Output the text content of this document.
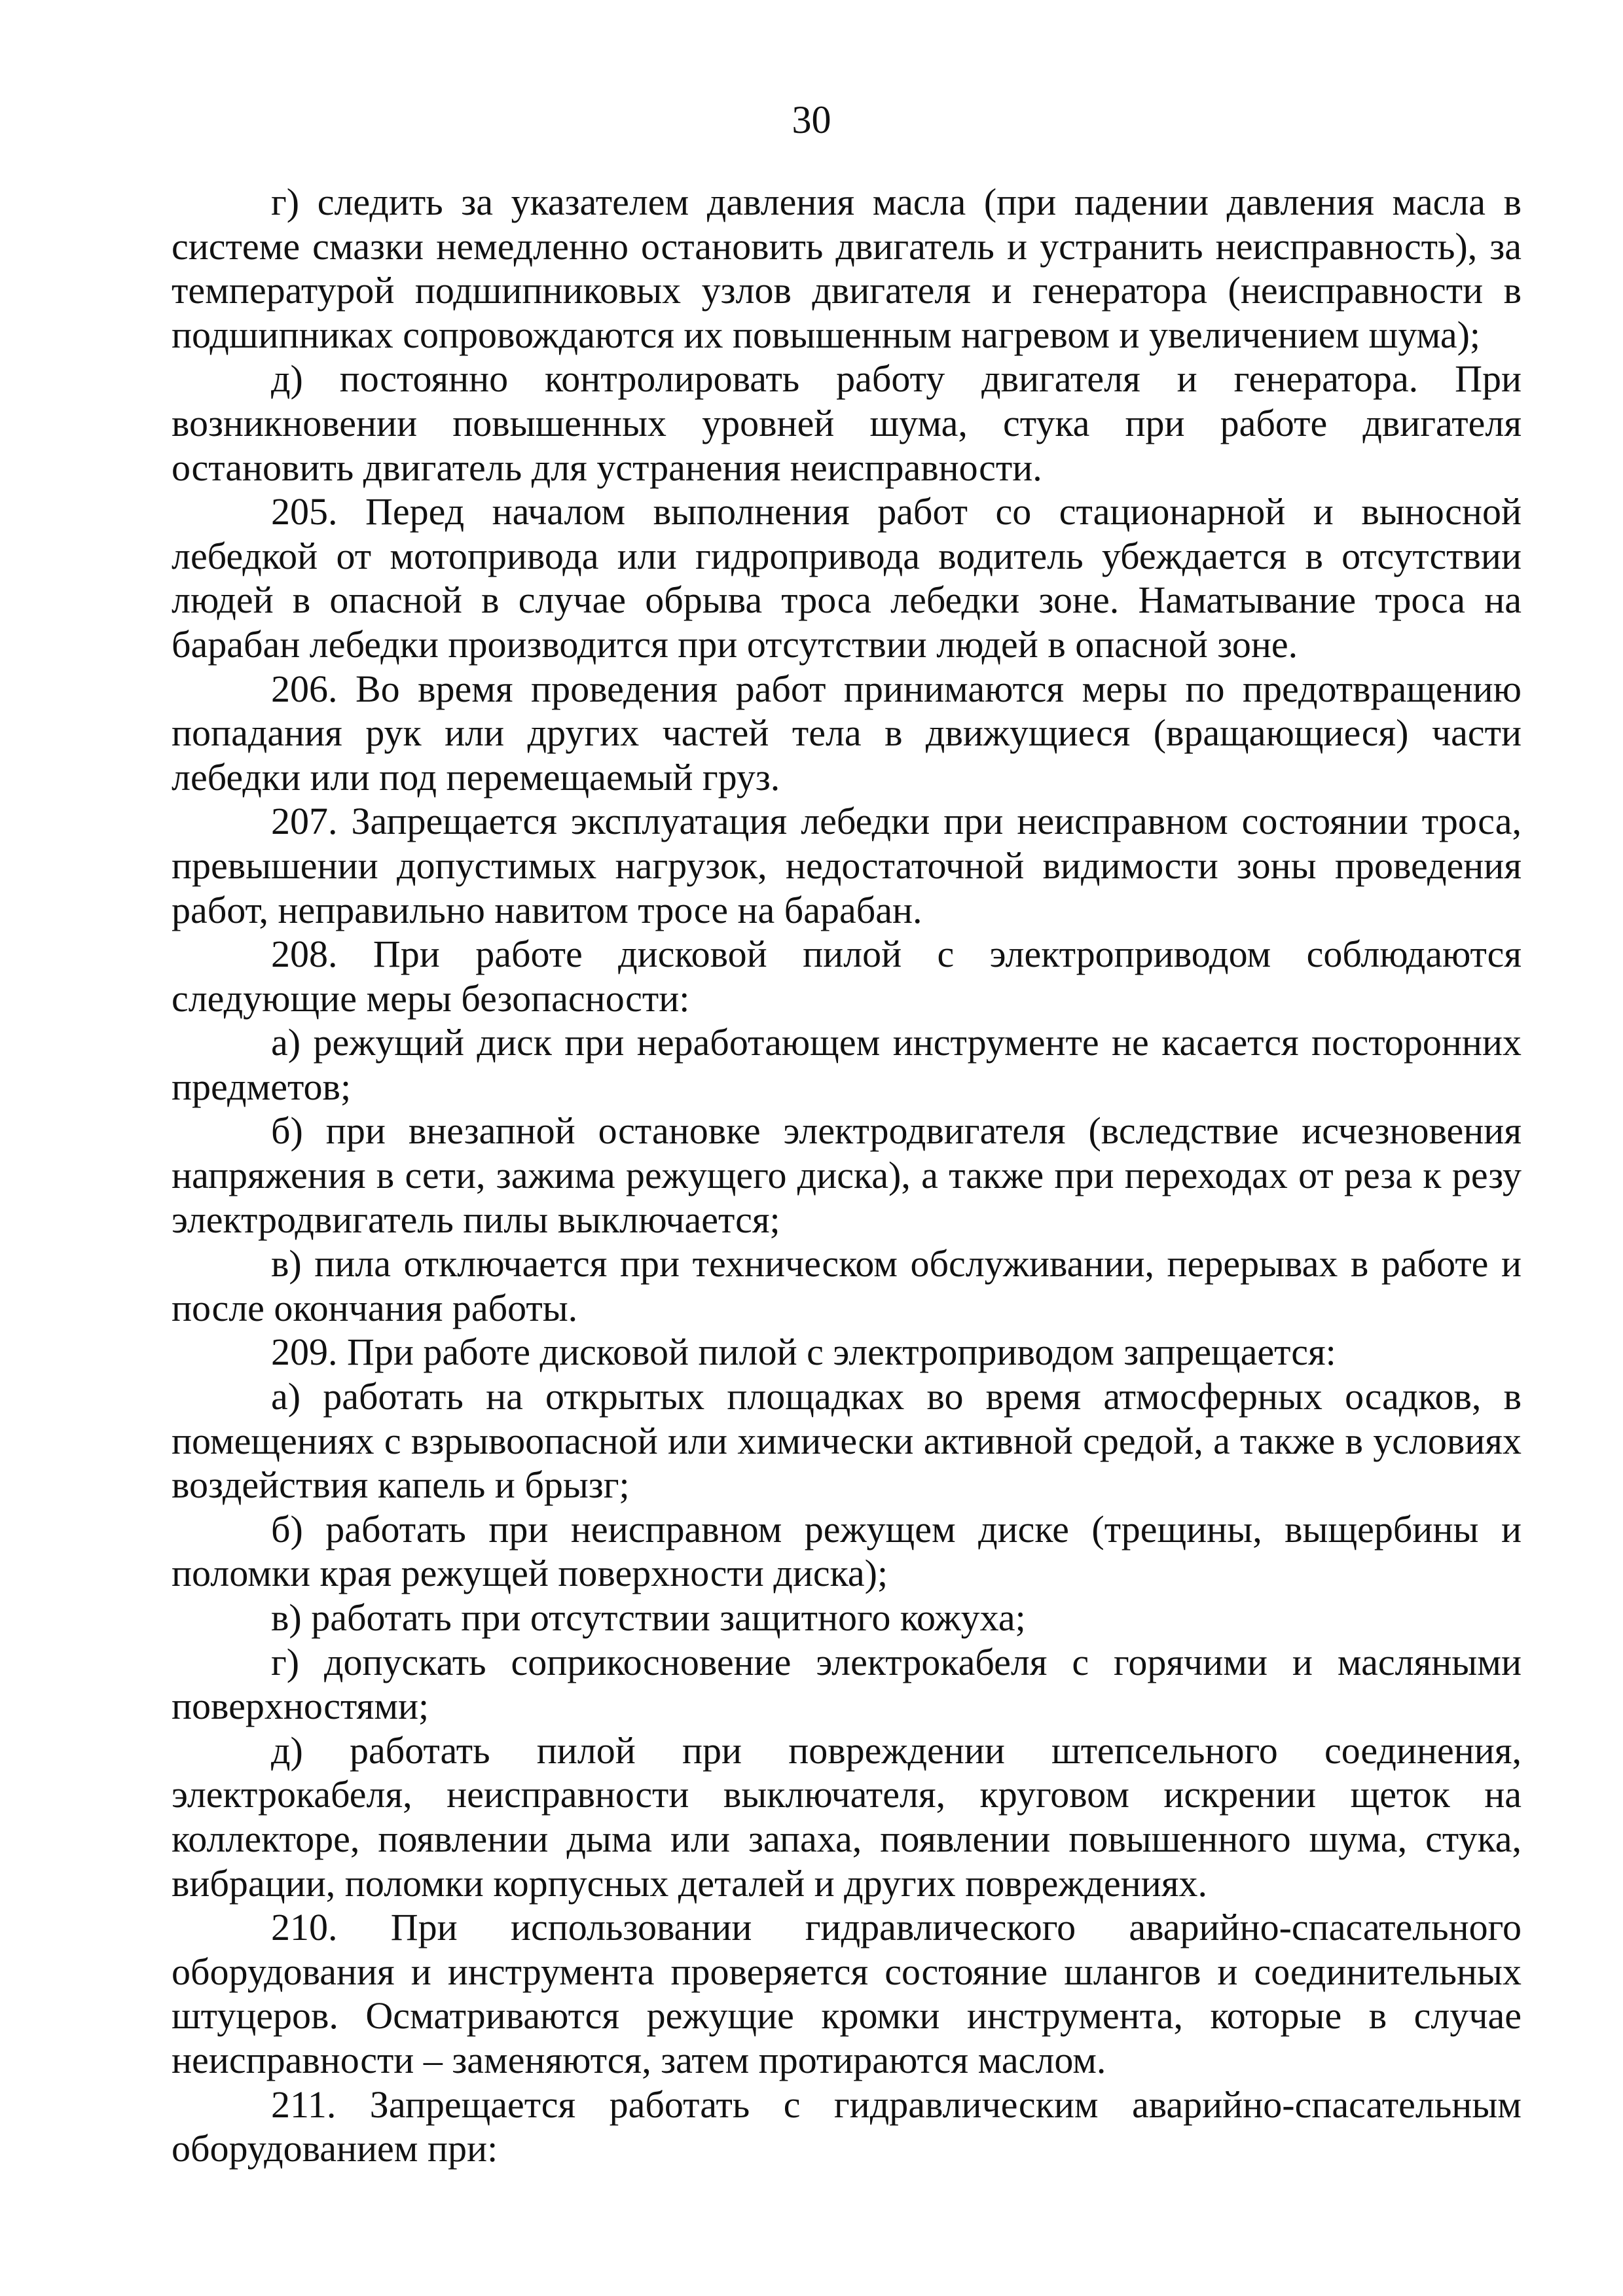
30

г) следить за указателем давления масла (при падении давления масла в системе смазки немедленно остановить двигатель и устранить неисправность), за температурой подшипниковых узлов двигателя и генератора (неисправности в подшипниках сопровождаются их повышенным нагревом и увеличением шума);

д) постоянно контролировать работу двигателя и генератора. При возникновении повышенных уровней шума, стука при работе двигателя остановить двигатель для устранения неисправности.

205. Перед началом выполнения работ со стационарной и выносной лебедкой от мотопривода или гидропривода водитель убеждается в отсутствии людей в опасной в случае обрыва троса лебедки зоне. Наматывание троса на барабан лебедки производится при отсутствии людей в опасной зоне.

206. Во время проведения работ принимаются меры по предотвращению попадания рук или других частей тела в движущиеся (вращающиеся) части лебедки или под перемещаемый груз.

207. Запрещается эксплуатация лебедки при неисправном состоянии троса, превышении допустимых нагрузок, недостаточной видимости зоны проведения работ, неправильно навитом тросе на барабан.

208. При работе дисковой пилой с электроприводом соблюдаются следующие меры безопасности:

а) режущий диск при неработающем инструменте не касается посторонних предметов;

б) при внезапной остановке электродвигателя (вследствие исчезновения напряжения в сети, зажима режущего диска), а также при переходах от реза к резу электродвигатель пилы выключается;

в) пила отключается при техническом обслуживании, перерывах в работе и после окончания работы.

209. При работе дисковой пилой с электроприводом запрещается:

а) работать на открытых площадках во время атмосферных осадков, в помещениях с взрывоопасной или химически активной средой, а также в условиях воздействия капель и брызг;

б) работать при неисправном режущем диске (трещины, выщербины и поломки края режущей поверхности диска);

в) работать при отсутствии защитного кожуха;

г) допускать соприкосновение электрокабеля с горячими и масляными поверхностями;

д) работать пилой при повреждении штепсельного соединения, электрокабеля, неисправности выключателя, круговом искрении щеток на коллекторе, появлении дыма или запаха, появлении повышенного шума, стука, вибрации, поломки корпусных деталей и других повреждениях.

210. При использовании гидравлического аварийно-спасательного оборудования и инструмента проверяется состояние шлангов и соединительных штуцеров. Осматриваются режущие кромки инструмента, которые в случае неисправности – заменяются, затем протираются маслом.

211. Запрещается работать с гидравлическим аварийно-спасательным оборудованием при:
